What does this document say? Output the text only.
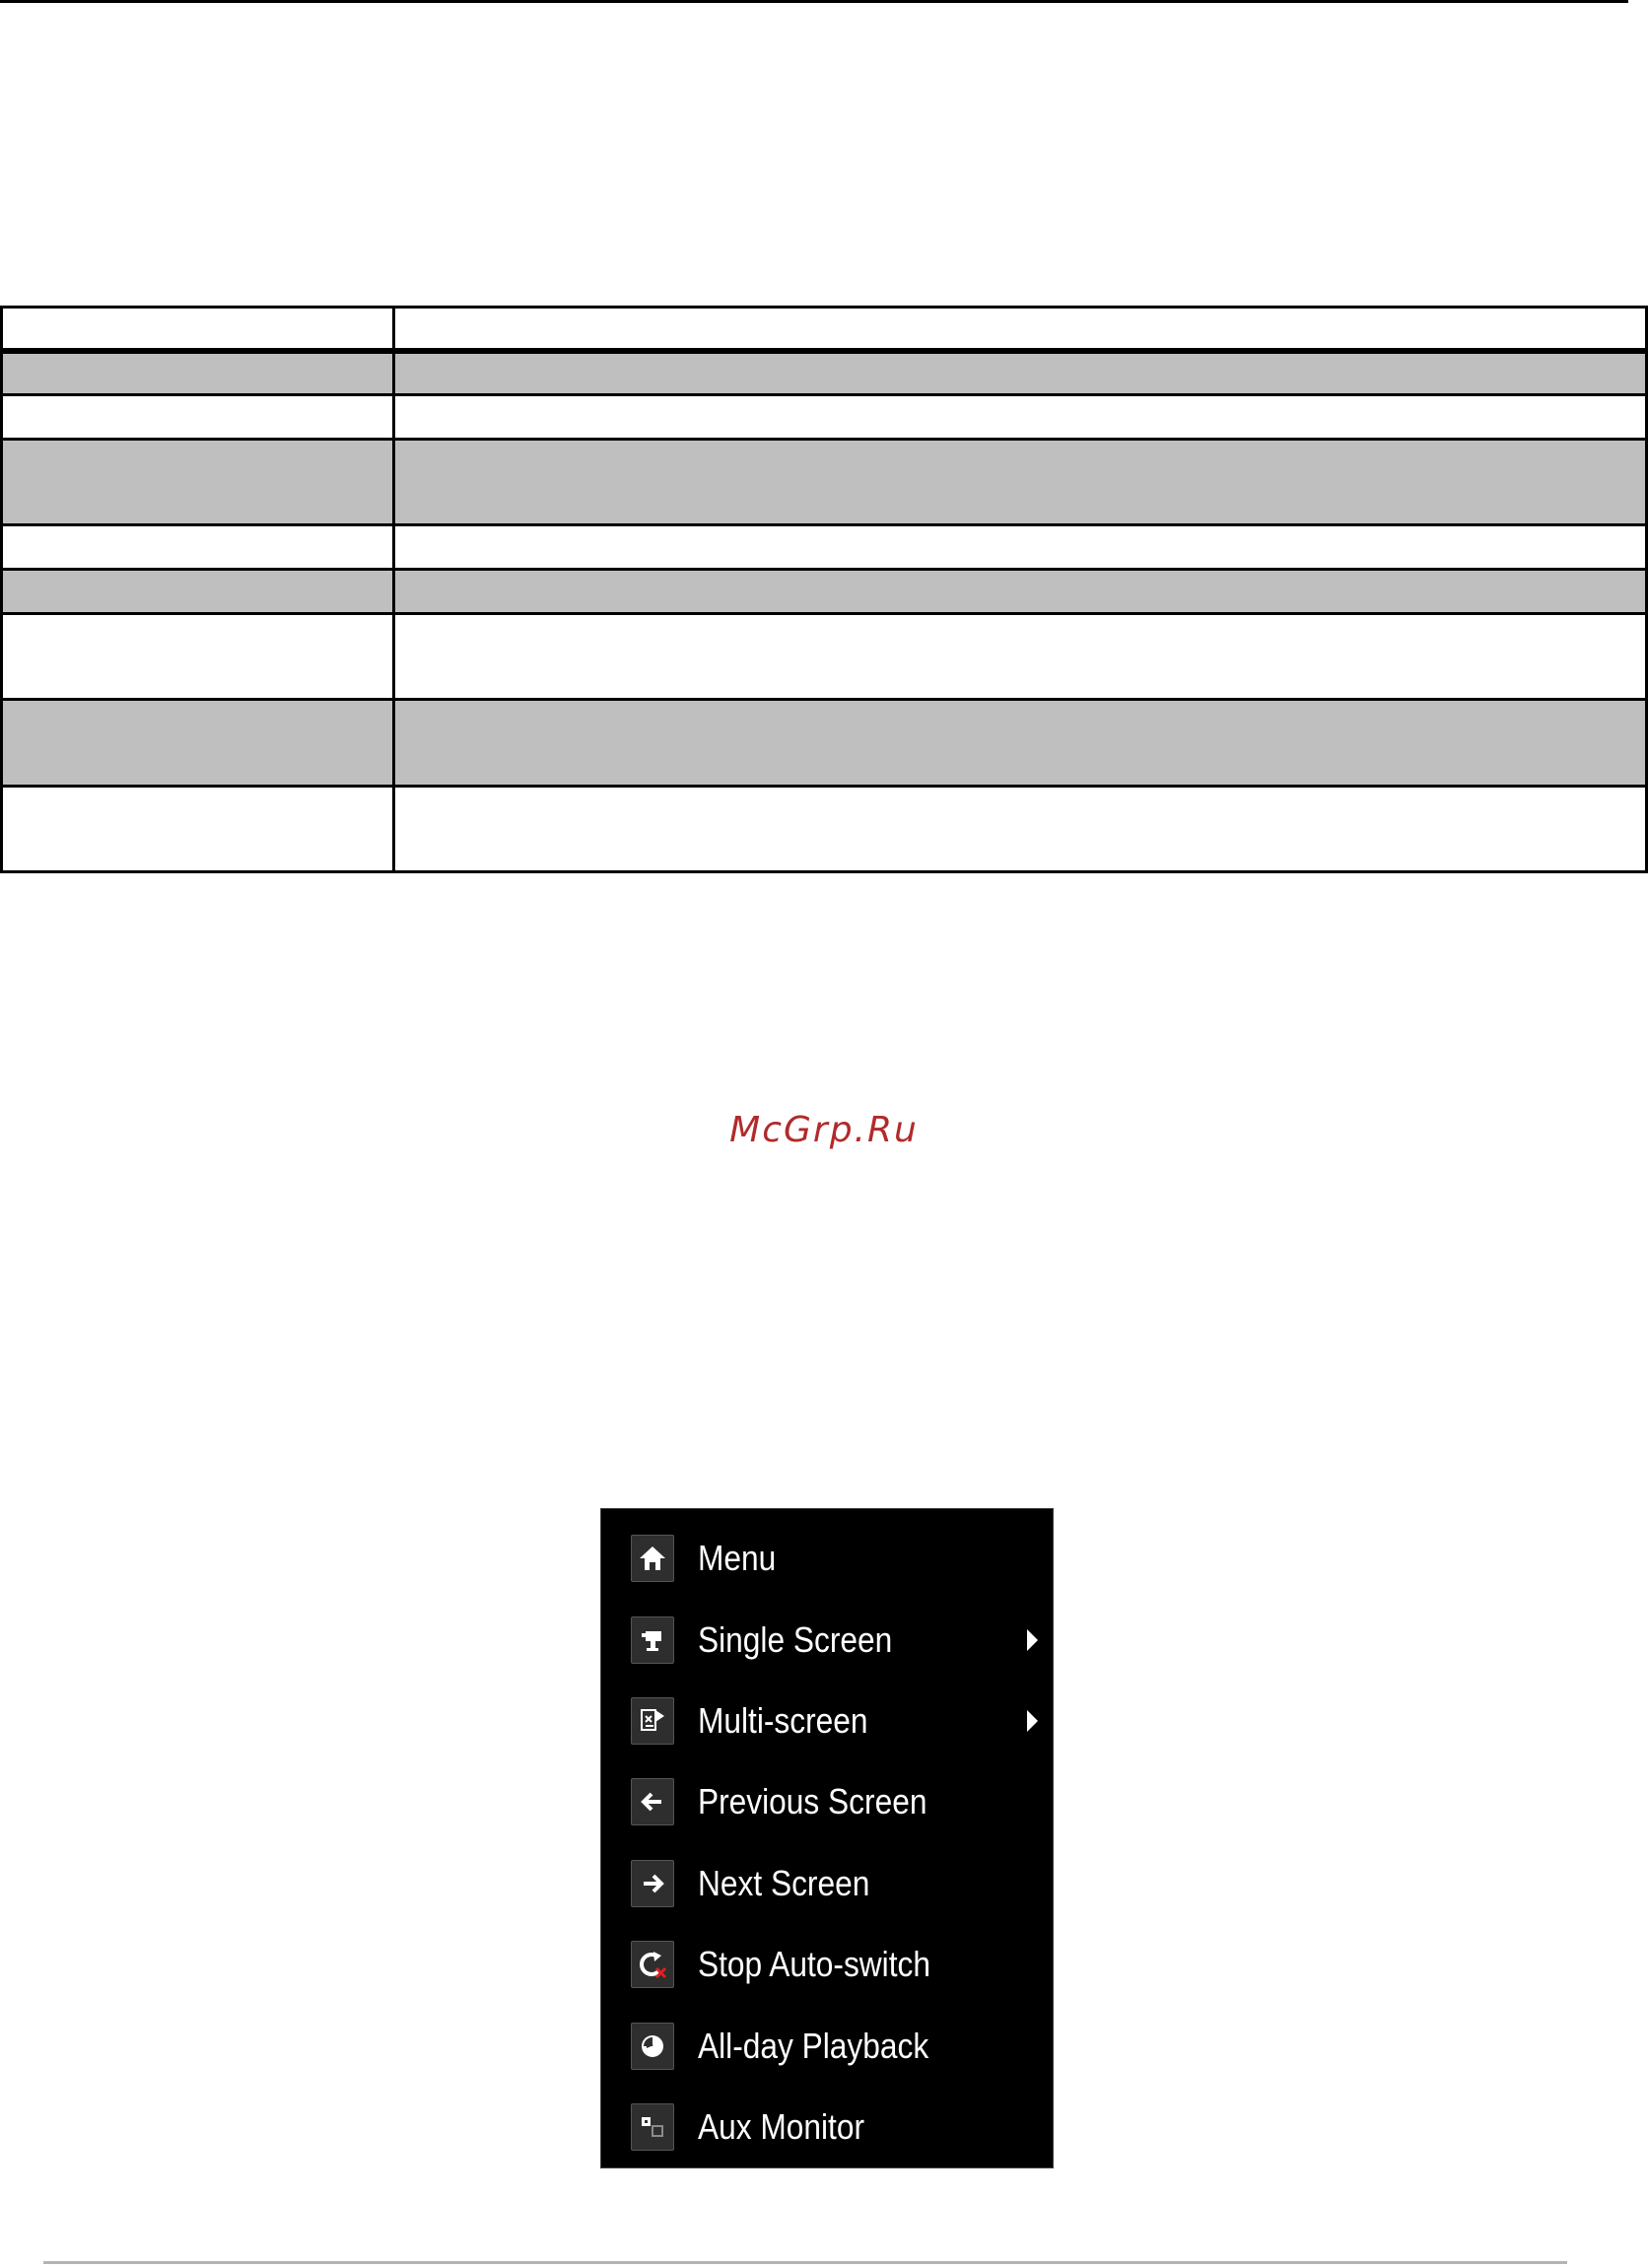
McGrp.Ru
Menu
Single Screen
Multi-screen
Previous Screen
Next Screen
Stop Auto-switch
All-day Playback
Aux Monitor
